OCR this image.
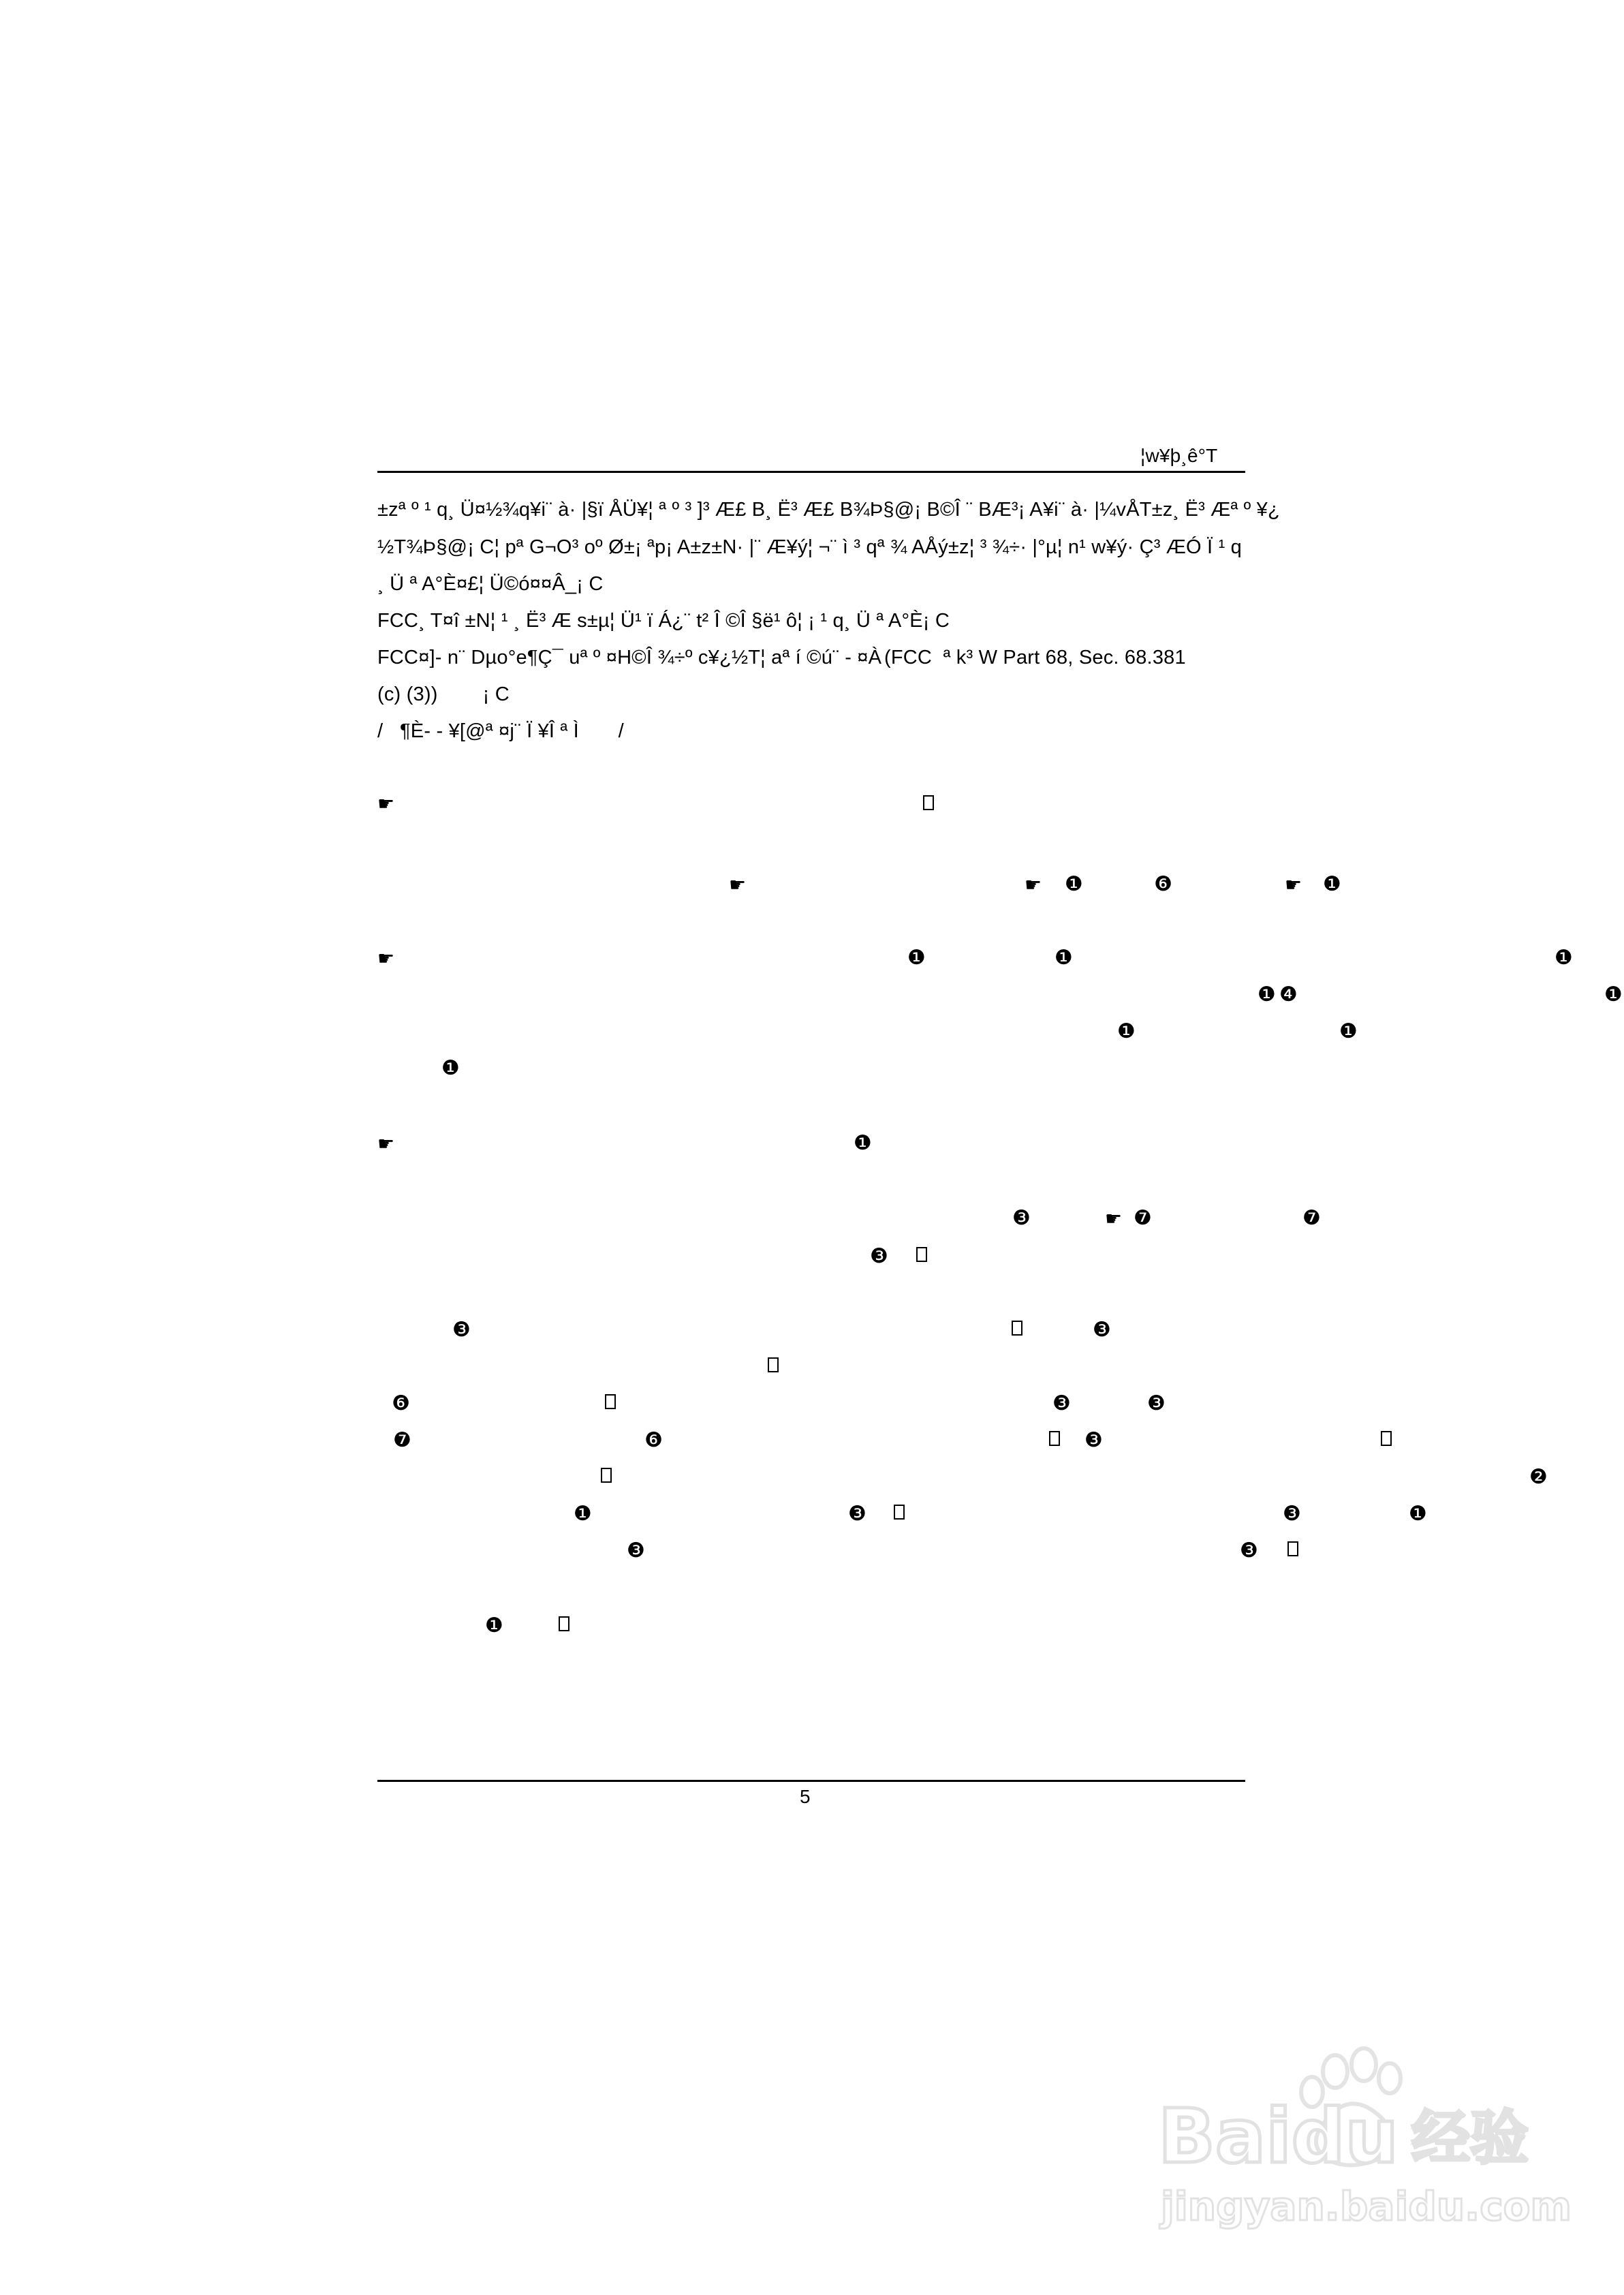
¦w¥þ¸ê°T
±zª º ¹ q¸ Ü¤½¾q¥i¨ à· |§ï ÅÜ¥¦ ª º ³ ]³ Æ£ B¸ Ë³ Æ£ B¾Þ§@¡ B©Î ¨ BÆ³¡ A¥i¨ à· |¼vÅT±z¸ Ë³ Æª º ¥¿
½T¾Þ§@¡ C¦ pª G¬O³ oº Ø±¡ ªp¡ A±z±N· |¨ Æ¥ý¦ ¬¨ ì ³ qª ¾ AÅý±z¦ ³ ¾÷· |°µ¦ n¹ w¥ý· Ç³ ÆÓ Ï ¹ q
¸ Ü ª A°È¤£¦ Ü©ó¤¤Â_¡ C
FCC¸ T¤î ±N¦ ¹ ¸ Ë³ Æ s±µ¦ Ü¹ ï Á¿¨ t² Î ©Î §ë¹ ô¦ ¡ ¹ q¸ Ü ª A°È¡ C
FCC¤]- n¨ Dµo°e¶Ç¯ uª º ¤H©Î ¾÷º c¥¿½T¦ aª í ©ú¨ - ¤À (FCC  ª k³ W Part 68, Sec. 68.381
(c) (3))        ¡ C
/   ¶È- - ¥[@ª ¤j¨ Ï ¥Î ª Ì       /
☛
☛	☛ ❶	❻	☛ ❶
☛	❶	❶	❶
❶ ❹	❶
❶	❶
❶
☛	❶
❸	☛ ❼	❼
❸
❸	❸
❻	❸	❸
❼	❻	❸
❷
❶	❸	❸	❶
❸	❸
❶
5
Baidu 经验
jingyan.baidu.com
